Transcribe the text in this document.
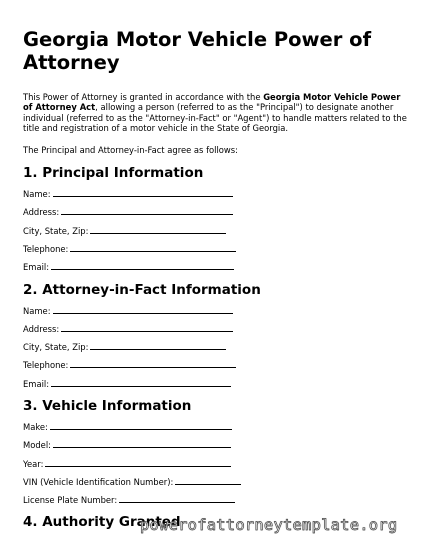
Georgia Motor Vehicle Power of Attorney

This Power of Attorney is granted in accordance with the Georgia Motor Vehicle Power of Attorney Act, allowing a person (referred to as the "Principal") to designate another individual (referred to as the "Attorney-in-Fact" or "Agent") to handle matters related to the title and registration of a motor vehicle in the State of Georgia.

The Principal and Attorney-in-Fact agree as follows:

1. Principal Information
Name:
Address:
City, State, Zip:
Telephone:
Email:
2. Attorney-in-Fact Information
Name:
Address:
City, State, Zip:
Telephone:
Email:
3. Vehicle Information
Make:
Model:
Year:
VIN (Vehicle Identification Number):
License Plate Number:
4. Authority Granted
powerofattorneytemplate.org
